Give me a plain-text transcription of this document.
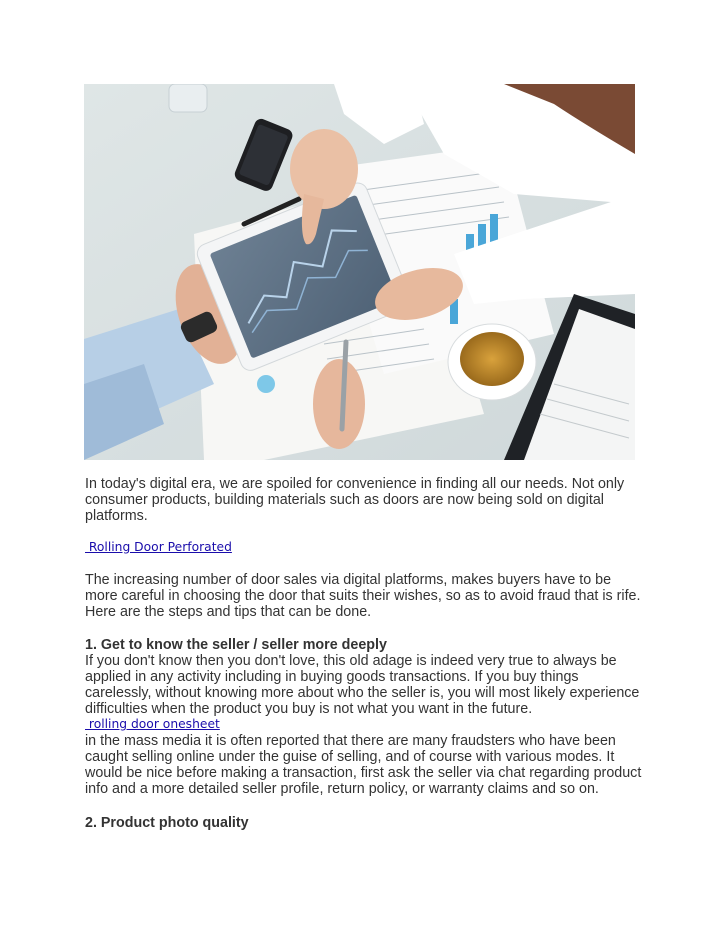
In today's digital era, we are spoiled for convenience in finding all our needs. Not only consumer products, building materials such as doors are now being sold on digital platforms.

Rolling Door Perforated

The increasing number of door sales via digital platforms, makes buyers have to be more careful in choosing the door that suits their wishes, so as to avoid fraud that is rife. Here are the steps and tips that can be done.

1. Get to know the seller / seller more deeply

If you don't know then you don't love, this old adage is indeed very true to always be applied in any activity including in buying goods transactions. If you buy things carelessly, without knowing more about who the seller is, you will most likely experience difficulties when the product you buy is not what you want in the future.

rolling door onesheet

in the mass media it is often reported that there are many fraudsters who have been caught selling online under the guise of selling, and of course with various modes. It would be nice before making a transaction, first ask the seller via chat regarding product info and a more detailed seller profile, return policy, or warranty claims and so on.

2. Product photo quality
